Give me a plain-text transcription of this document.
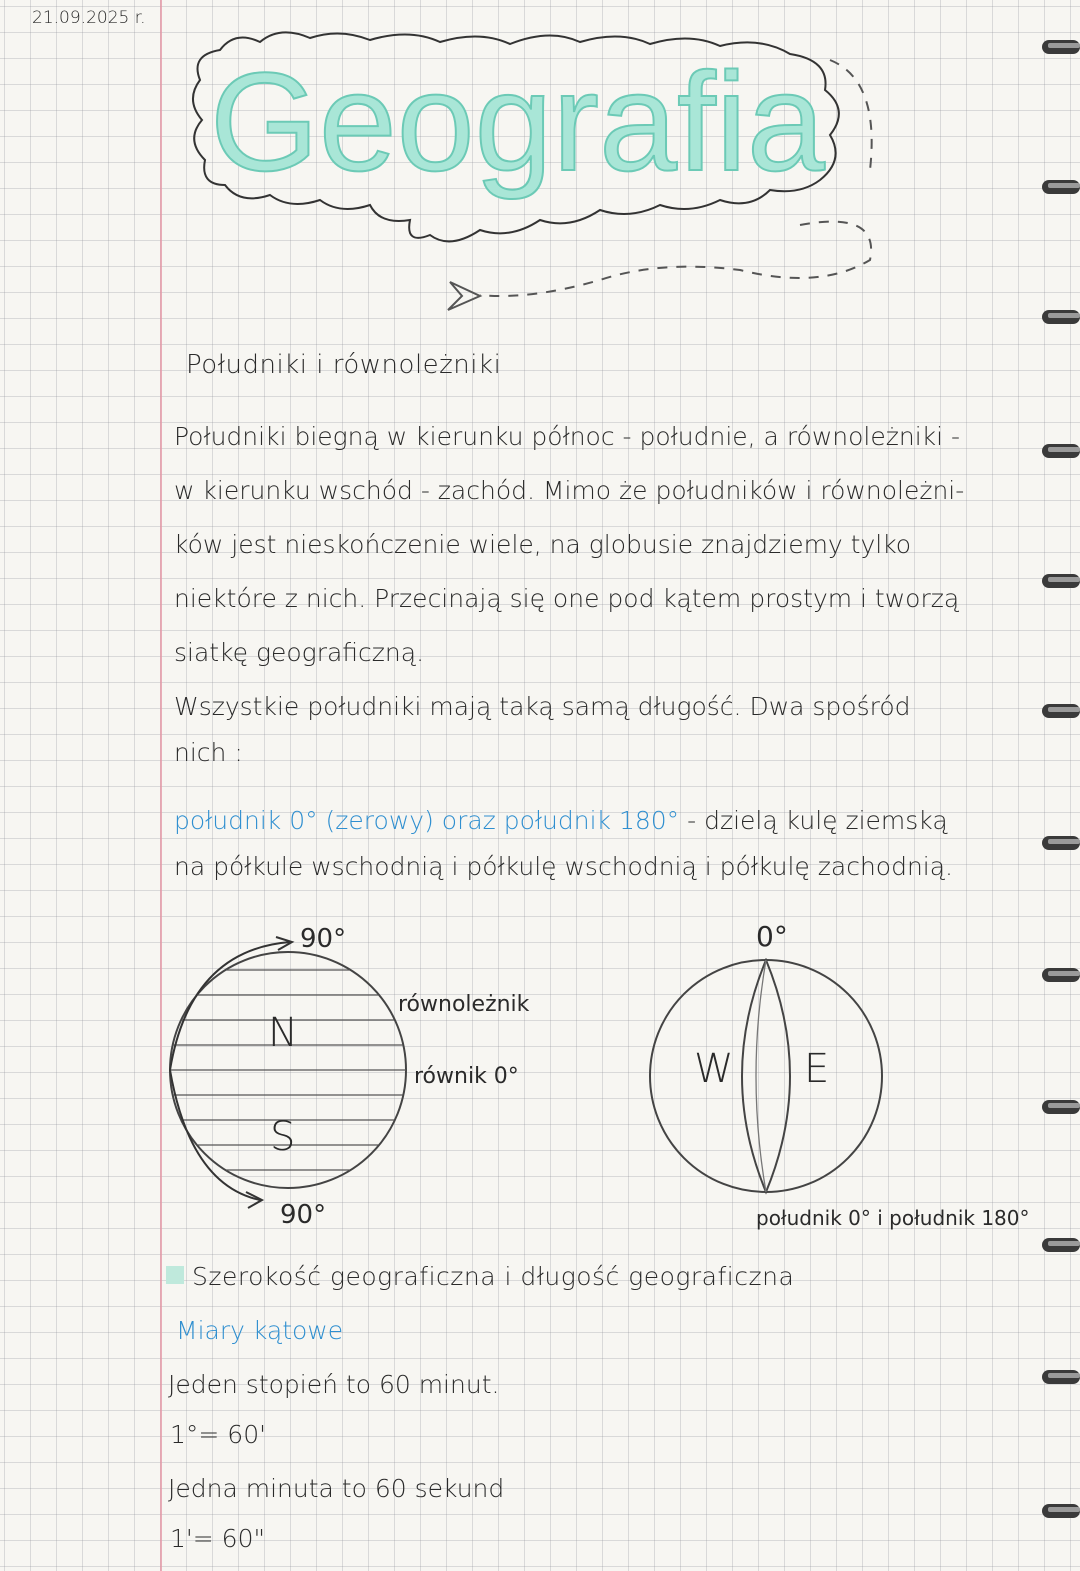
21.09.2025 r.
Geografia
Południki i równoleżniki
Południki biegną w kierunku północ - południe, a równoleżniki -
w kierunku wschód - zachód. Mimo że południków i równoleżni-
ków jest nieskończenie wiele, na globusie znajdziemy tylko
niektóre z nich. Przecinają się one pod kątem prostym i tworzą
siatkę geograficzną.
Wszystkie południki mają taką samą długość. Dwa spośród
nich :
południk 0° (zerowy) oraz południk 180° - dzielą kulę ziemską
na półkule wschodnią i półkulę wschodnią i półkulę zachodnią.
90°
N
S
równoleżnik
równik 0°
90°
0°
W E
południk 0° i południk 180°
Szerokość geograficzna i długość geograficzna
Miary kątowe
Jeden stopień to 60 minut.
1°= 60'
Jedna minuta to 60 sekund
1'= 60"
